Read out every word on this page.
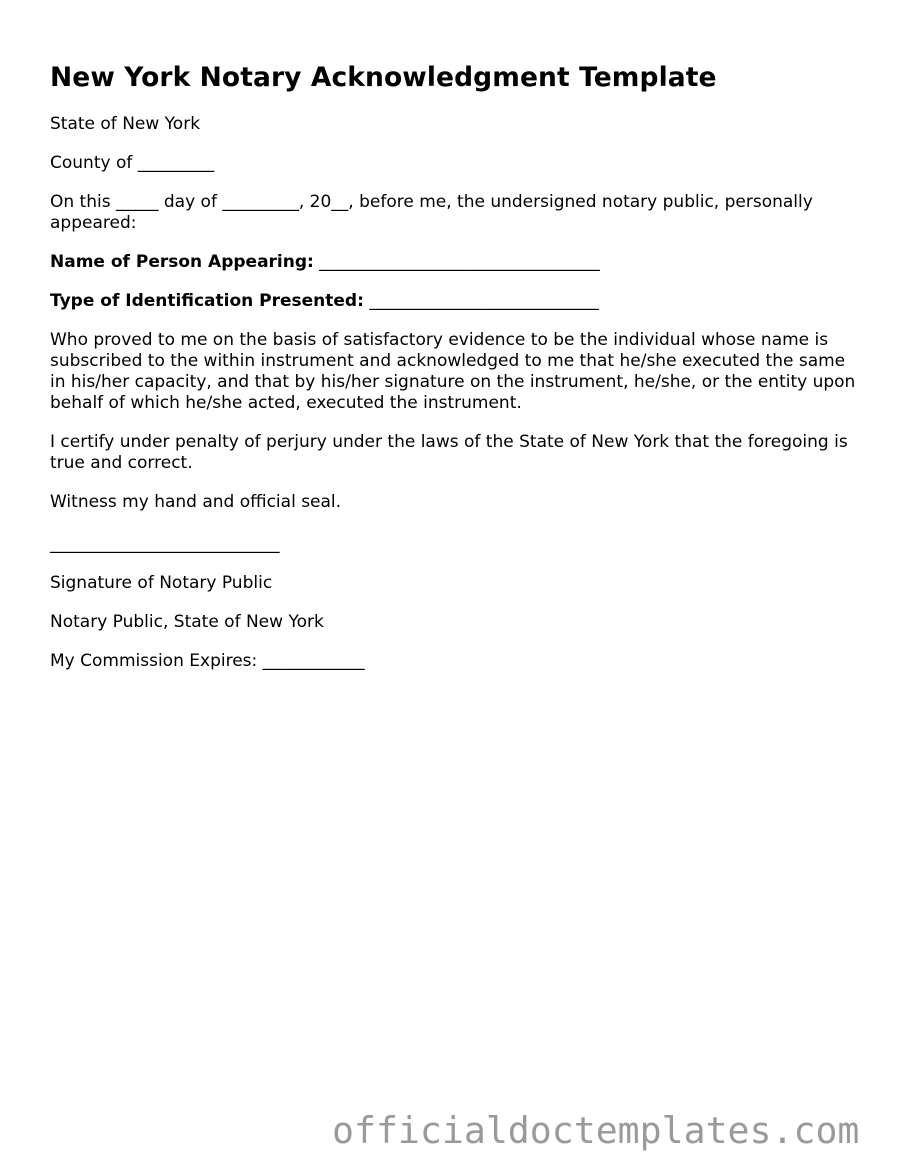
New York Notary Acknowledgment Template

State of New York

County of _________

On this _____ day of _________, 20__, before me, the undersigned notary public, personally appeared:

Name of Person Appearing: _________________________________

Type of Identification Presented: ___________________________

Who proved to me on the basis of satisfactory evidence to be the individual whose name is subscribed to the within instrument and acknowledged to me that he/she executed the same in his/her capacity, and that by his/her signature on the instrument, he/she, or the entity upon behalf of which he/she acted, executed the instrument.

I certify under penalty of perjury under the laws of the State of New York that the foregoing is true and correct.

Witness my hand and official seal.

___________________________

Signature of Notary Public

Notary Public, State of New York

My Commission Expires: ____________

officialdoctemplates.com
